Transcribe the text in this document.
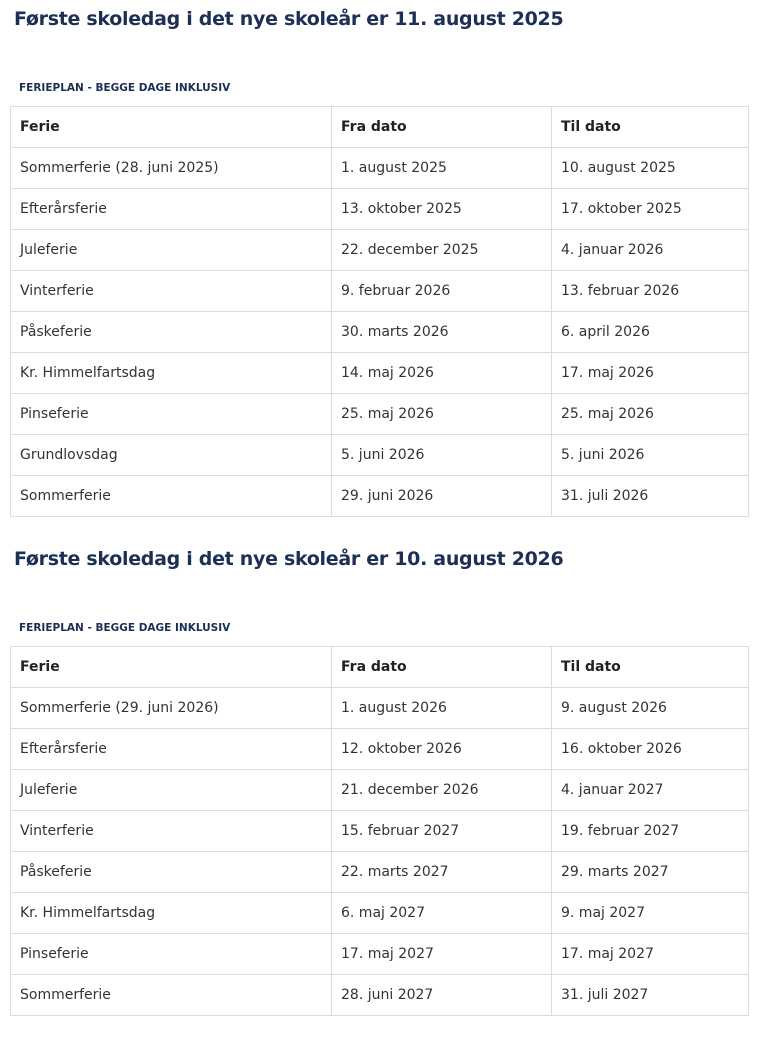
Første skoledag i det nye skoleår er 11. august 2025
FERIEPLAN - BEGGE DAGE INKLUSIV
Ferie	Fra dato	Til dato
Sommerferie (28. juni 2025)	1. august 2025	10. august 2025
Efterårsferie	13. oktober 2025	17. oktober 2025
Juleferie	22. december 2025	4. januar 2026
Vinterferie	9. februar 2026	13. februar 2026
Påskeferie	30. marts 2026	6. april 2026
Kr. Himmelfartsdag	14. maj 2026	17. maj 2026
Pinseferie	25. maj 2026	25. maj 2026
Grundlovsdag	5. juni 2026	5. juni 2026
Sommerferie	29. juni 2026	31. juli 2026
Første skoledag i det nye skoleår er 10. august 2026
FERIEPLAN - BEGGE DAGE INKLUSIV
Ferie	Fra dato	Til dato
Sommerferie (29. juni 2026)	1. august 2026	9. august 2026
Efterårsferie	12. oktober 2026	16. oktober 2026
Juleferie	21. december 2026	4. januar 2027
Vinterferie	15. februar 2027	19. februar 2027
Påskeferie	22. marts 2027	29. marts 2027
Kr. Himmelfartsdag	6. maj 2027	9. maj 2027
Pinseferie	17. maj 2027	17. maj 2027
Sommerferie	28. juni 2027	31. juli 2027
